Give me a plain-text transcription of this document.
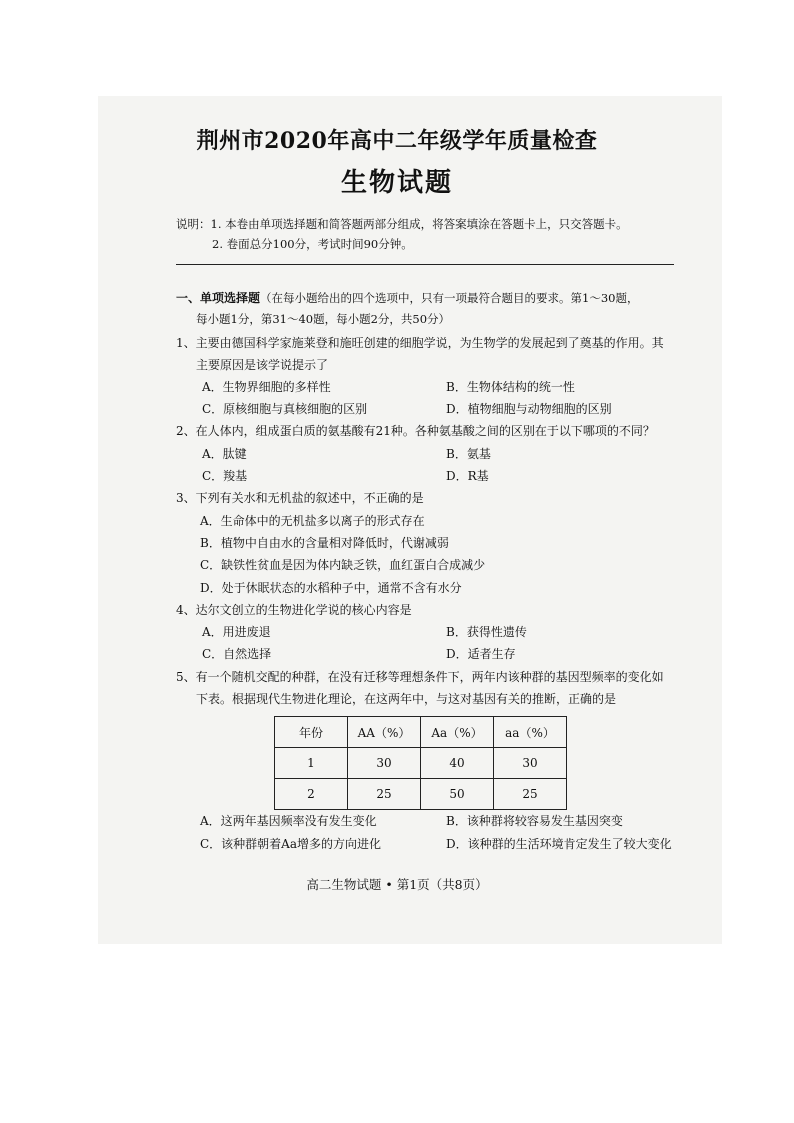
荆州市2020年高中二年级学年质量检查
生物试题
说明：1. 本卷由单项选择题和简答题两部分组成，将答案填涂在答题卡上，只交答题卡。
2. 卷面总分100分，考试时间90分钟。
一、单项选择题（在每小题给出的四个选项中，只有一项最符合题目的要求。第1～30题，
每小题1分，第31～40题，每小题2分，共50分）
1、主要由德国科学家施莱登和施旺创建的细胞学说，为生物学的发展起到了奠基的作用。其
主要原因是该学说提示了
A．生物界细胞的多样性	B．生物体结构的统一性
C．原核细胞与真核细胞的区别	D．植物细胞与动物细胞的区别
2、在人体内，组成蛋白质的氨基酸有21种。各种氨基酸之间的区别在于以下哪项的不同？
A．肽键	B．氨基
C．羧基	D．R基
3、下列有关水和无机盐的叙述中，不正确的是
A．生命体中的无机盐多以离子的形式存在
B．植物中自由水的含量相对降低时，代谢减弱
C．缺铁性贫血是因为体内缺乏铁，血红蛋白合成减少
D．处于休眠状态的水稻种子中，通常不含有水分
4、达尔文创立的生物进化学说的核心内容是
A．用进废退	B．获得性遗传
C．自然选择	D．适者生存
5、有一个随机交配的种群，在没有迁移等理想条件下，两年内该种群的基因型频率的变化如
下表。根据现代生物进化理论，在这两年中，与这对基因有关的推断，正确的是
年份	AA（%）	Aa（%）	aa（%）
1	30	40	30
2	25	50	25
A．这两年基因频率没有发生变化	B．该种群将较容易发生基因突变
C．该种群朝着Aa增多的方向进化	D．该种群的生活环境肯定发生了较大变化
高二生物试题 • 第1页（共8页）
